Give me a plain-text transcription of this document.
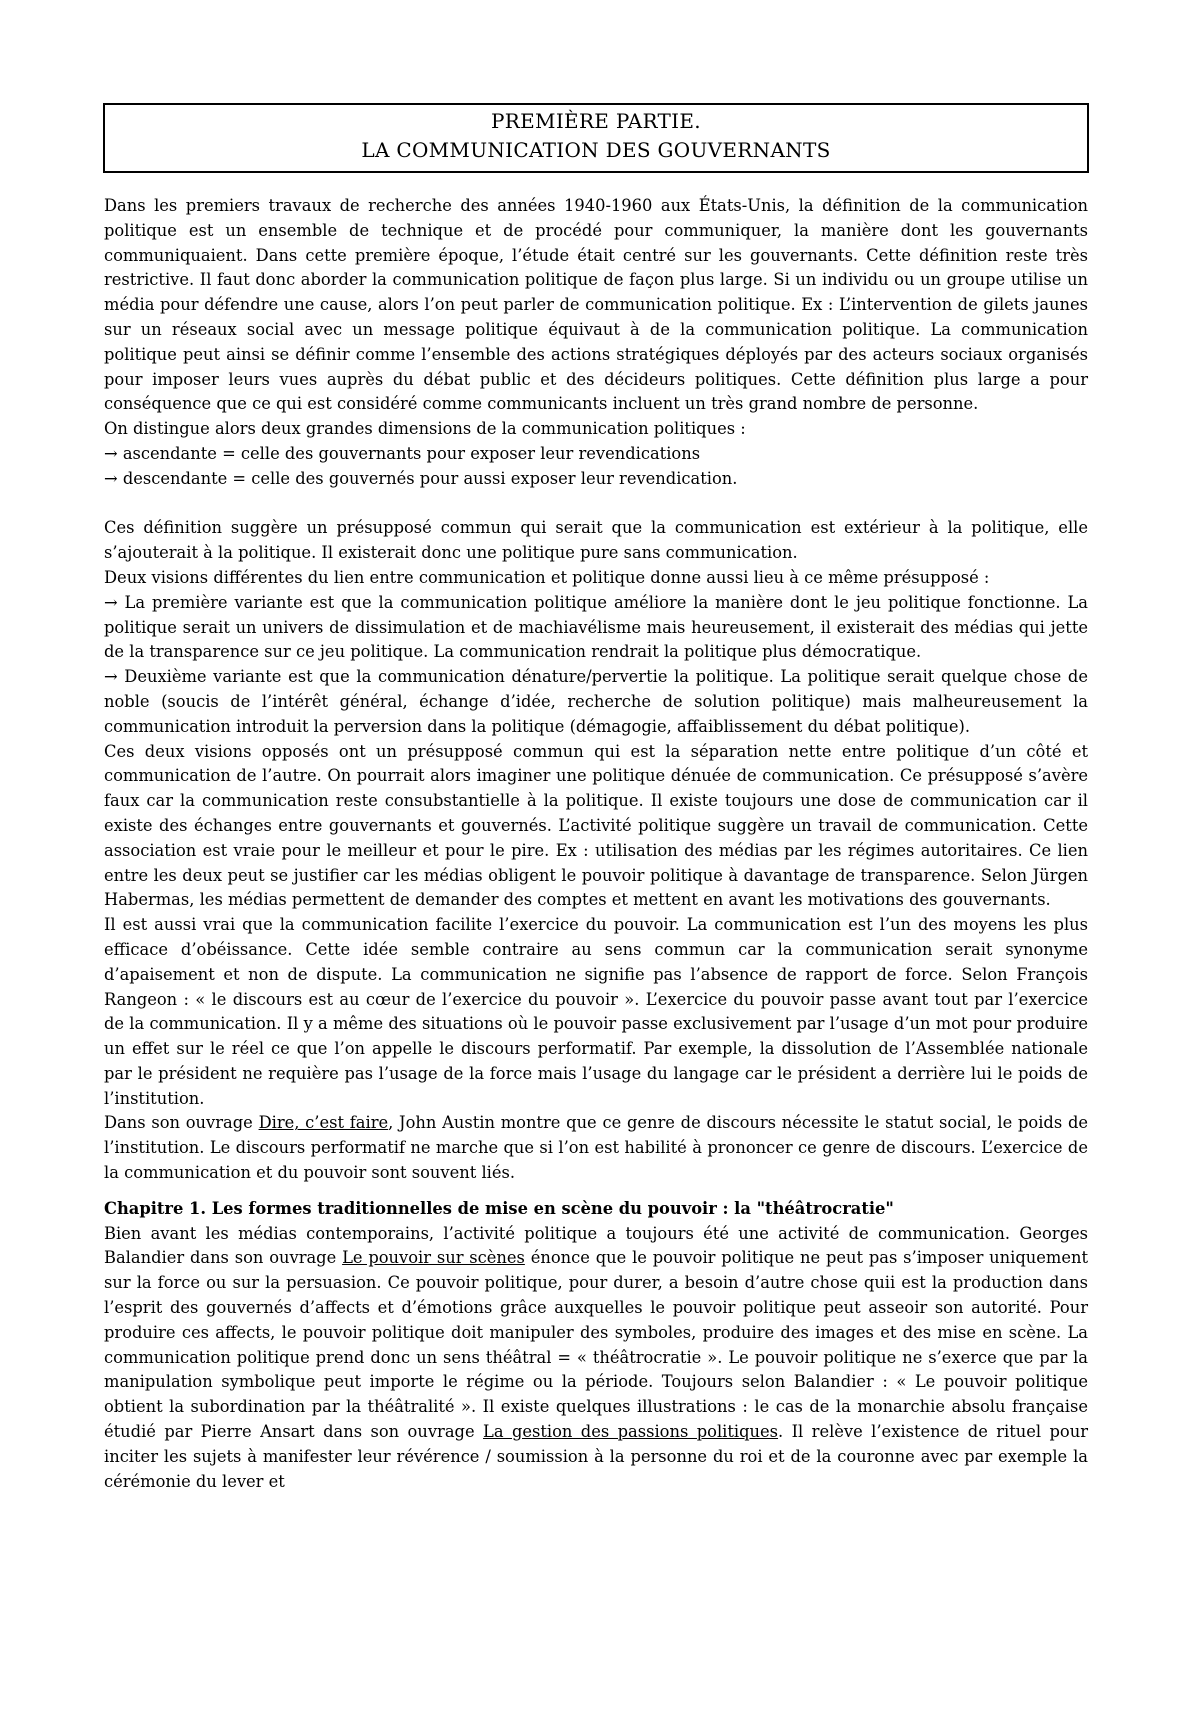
PREMIÈRE PARTIE.
LA COMMUNICATION DES GOUVERNANTS

Dans les premiers travaux de recherche des années 1940-1960 aux États-Unis, la définition de la communication politique est un ensemble de technique et de procédé pour communiquer, la manière dont les gouvernants communiquaient. Dans cette première époque, l’étude était centré sur les gouvernants. Cette définition reste très restrictive. Il faut donc aborder la communication politique de façon plus large. Si un individu ou un groupe utilise un média pour défendre une cause, alors l’on peut parler de communication politique. Ex : L’intervention de gilets jaunes sur un réseaux social avec un message politique équivaut à de la communication politique. La communication politique peut ainsi se définir comme l’ensemble des actions stratégiques déployés par des acteurs sociaux organisés pour imposer leurs vues auprès du débat public et des décideurs politiques. Cette définition plus large a pour conséquence que ce qui est considéré comme communicants incluent un très grand nombre de personne.

On distingue alors deux grandes dimensions de la communication politiques :

→ ascendante = celle des gouvernants pour exposer leur revendications

→ descendante = celle des gouvernés pour aussi exposer leur revendication.

Ces définition suggère un présupposé commun qui serait que la communication est extérieur à la politique, elle s’ajouterait à la politique. Il existerait donc une politique pure sans communication.

Deux visions différentes du lien entre communication et politique donne aussi lieu à ce même présupposé :

→ La première variante est que la communication politique améliore la manière dont le jeu politique fonctionne. La politique serait un univers de dissimulation et de machiavélisme mais heureusement, il existerait des médias qui jette de la transparence sur ce jeu politique. La communication rendrait la politique plus démocratique.

→ Deuxième variante est que la communication dénature/pervertie la politique. La politique serait quelque chose de noble (soucis de l’intérêt général, échange d’idée, recherche de solution politique) mais malheureusement la communication introduit la perversion dans la politique (démagogie, affaiblissement du débat politique).

Ces deux visions opposés ont un présupposé commun qui est la séparation nette entre politique d’un côté et communication de l’autre. On pourrait alors imaginer une politique dénuée de communication. Ce présupposé s’avère faux car la communication reste consubstantielle à la politique. Il existe toujours une dose de communication car il existe des échanges entre gouvernants et gouvernés. L’activité politique suggère un travail de communication. Cette association est vraie pour le meilleur et pour le pire. Ex : utilisation des médias par les régimes autoritaires. Ce lien entre les deux peut se justifier car les médias obligent le pouvoir politique à davantage de transparence. Selon Jürgen Habermas, les médias permettent de demander des comptes et mettent en avant les motivations des gouvernants.

Il est aussi vrai que la communication facilite l’exercice du pouvoir. La communication est l’un des moyens les plus efficace d’obéissance. Cette idée semble contraire au sens commun car la communication serait synonyme d’apaisement et non de dispute. La communication ne signifie pas l’absence de rapport de force. Selon François Rangeon : « le discours est au cœur de l’exercice du pouvoir ». L’exercice du pouvoir passe avant tout par l’exercice de la communication. Il y a même des situations où le pouvoir passe exclusivement par l’usage d’un mot pour produire un effet sur le réel ce que l’on appelle le discours performatif. Par exemple, la dissolution de l’Assemblée nationale par le président ne requière pas l’usage de la force mais l’usage du langage car le président a derrière lui le poids de l’institution.

Dans son ouvrage Dire, c’est faire, John Austin montre que ce genre de discours nécessite le statut social, le poids de l’institution. Le discours performatif ne marche que si l’on est habilité à prononcer ce genre de discours. L’exercice de la communication et du pouvoir sont souvent liés.

Chapitre 1. Les formes traditionnelles de mise en scène du pouvoir : la "théâtrocratie"

Bien avant les médias contemporains, l’activité politique a toujours été une activité de communication. Georges Balandier dans son ouvrage Le pouvoir sur scènes énonce que le pouvoir politique ne peut pas s’imposer uniquement sur la force ou sur la persuasion. Ce pouvoir politique, pour durer, a besoin d’autre chose quii est la production dans l’esprit des gouvernés d’affects et d’émotions grâce auxquelles le pouvoir politique peut asseoir son autorité. Pour produire ces affects, le pouvoir politique doit manipuler des symboles, produire des images et des mise en scène. La communication politique prend donc un sens théâtral = « théâtrocratie ». Le pouvoir politique ne s’exerce que par la manipulation symbolique peut importe le régime ou la période. Toujours selon Balandier : « Le pouvoir politique obtient la subordination par la théâtralité ». Il existe quelques illustrations : le cas de la monarchie absolu française étudié par Pierre Ansart dans son ouvrage La gestion des passions politiques. Il relève l’existence de rituel pour inciter les sujets à manifester leur révérence / soumission à la personne du roi et de la couronne avec par exemple la cérémonie du lever et
